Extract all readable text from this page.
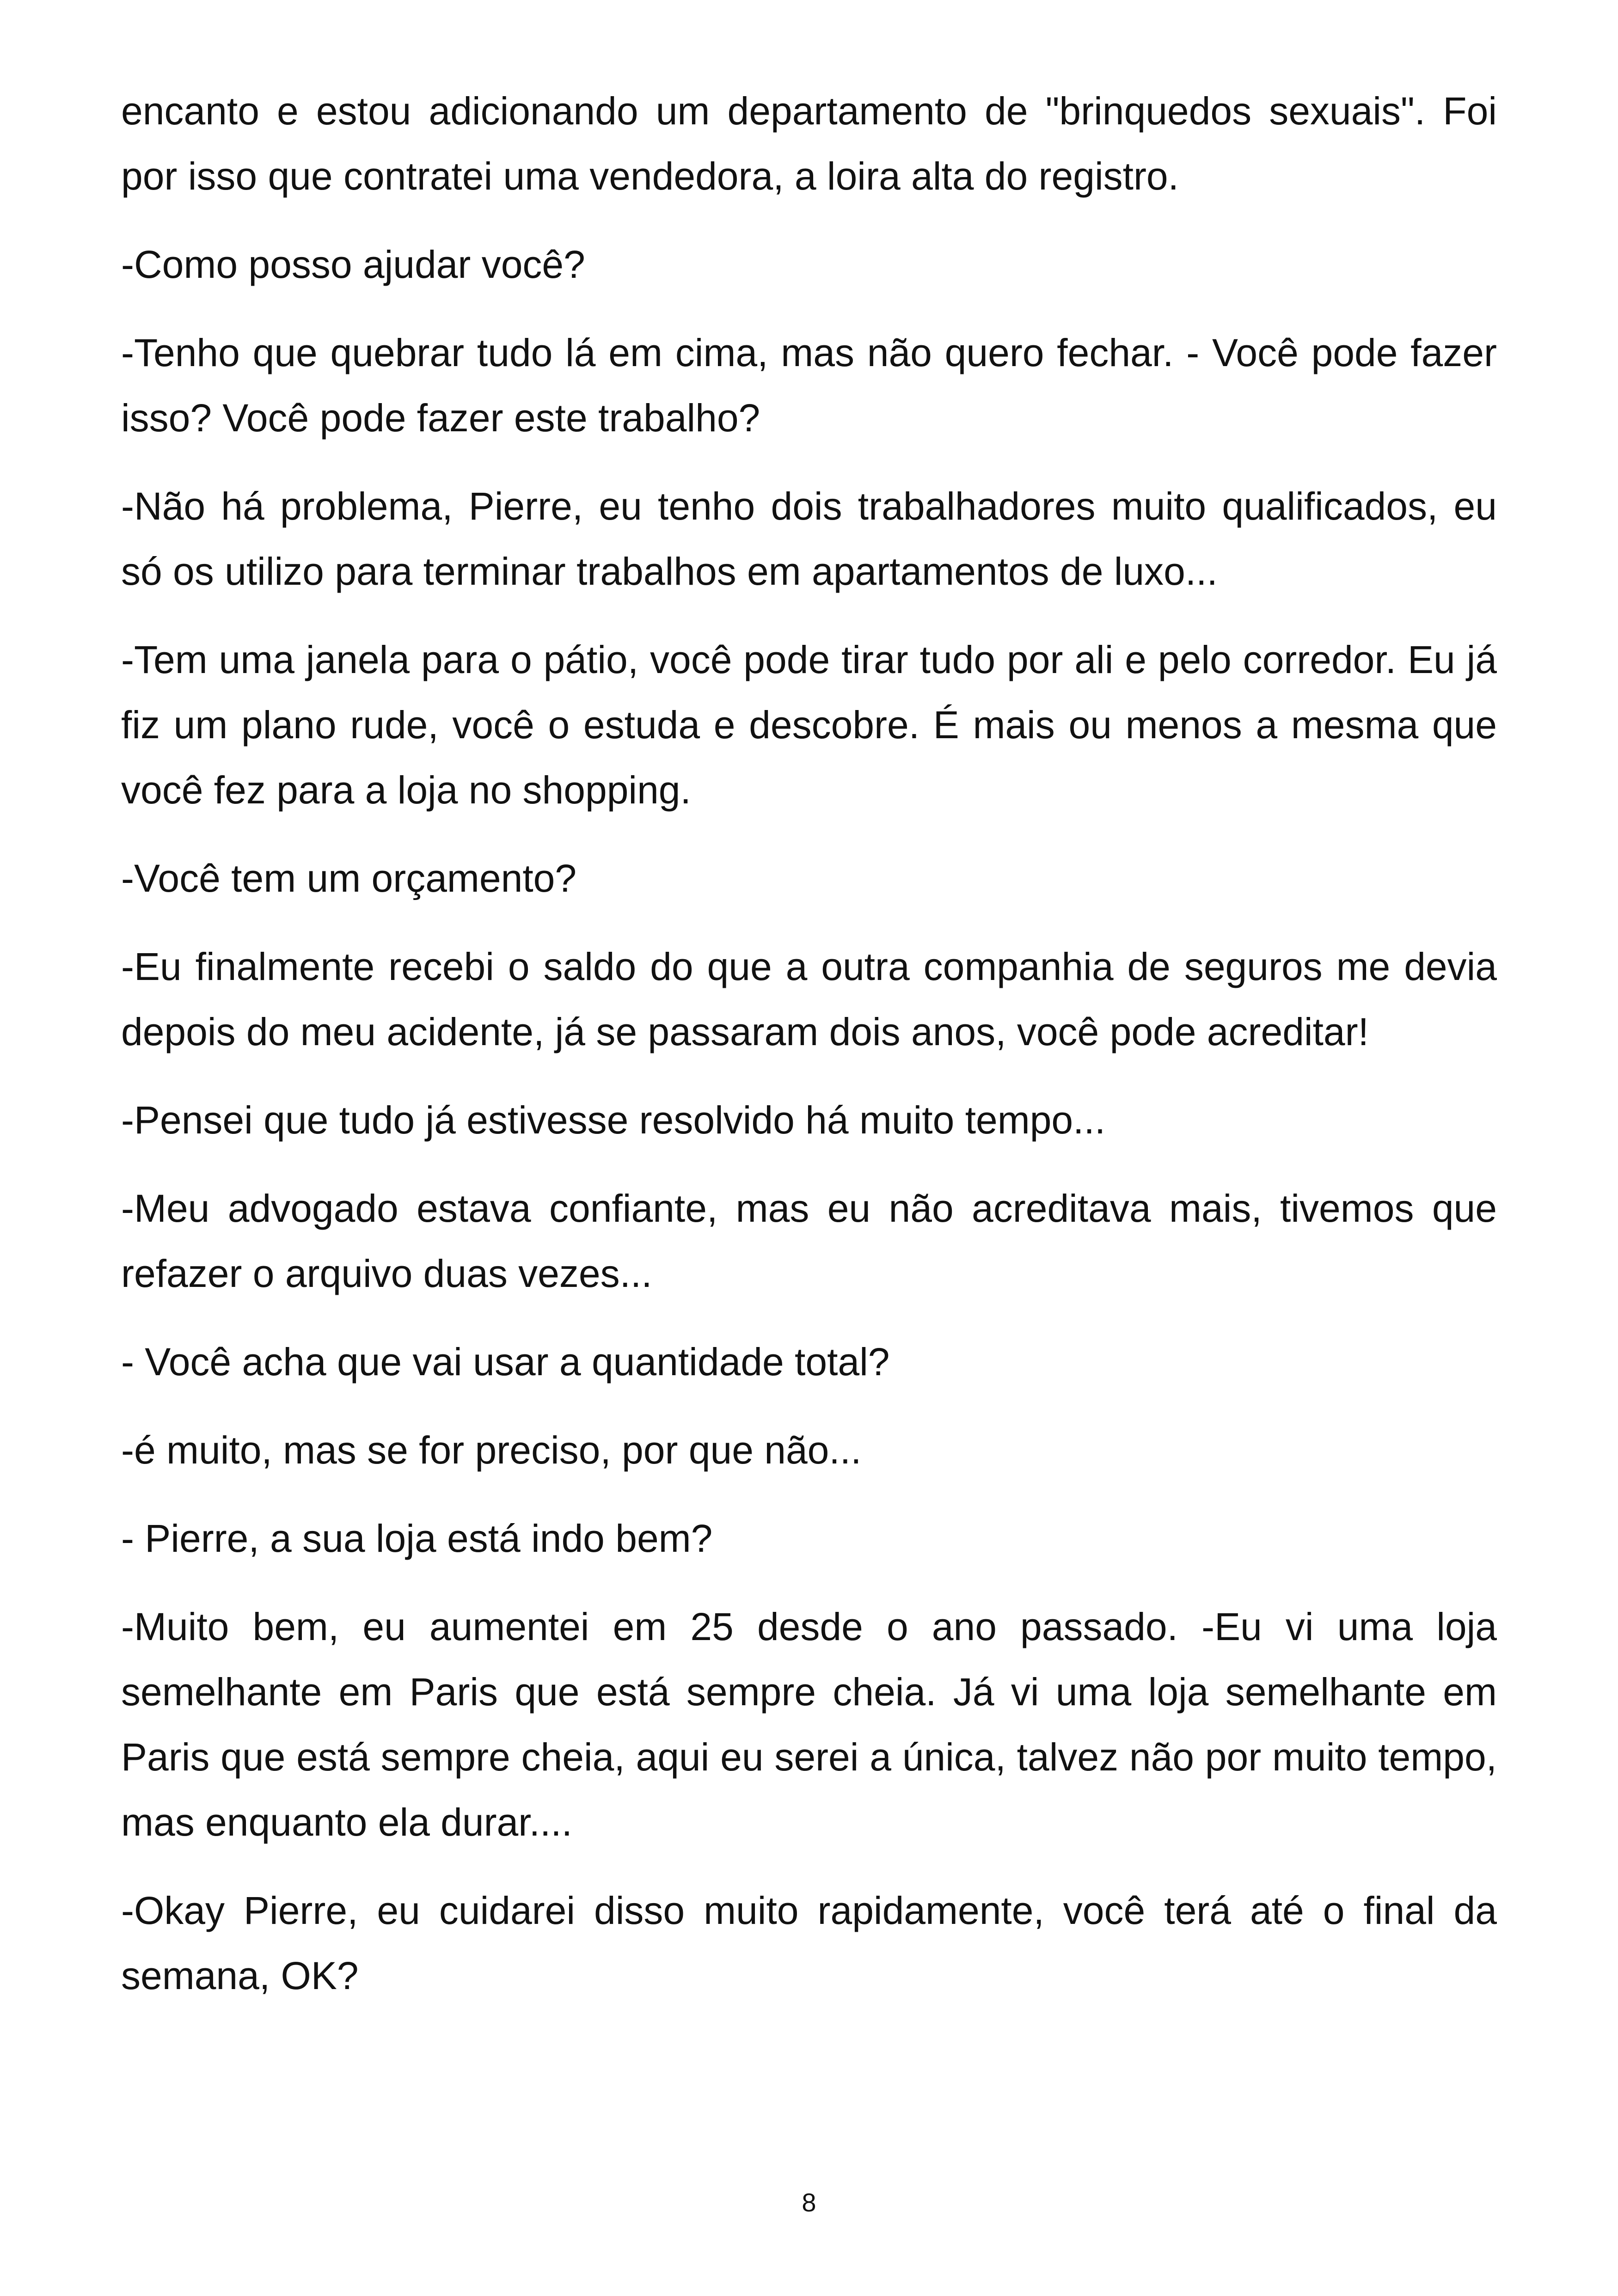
encanto e estou adicionando um departamento de "brinquedos sexuais". Foi por isso que contratei uma vendedora, a loira alta do registro.

-Como posso ajudar você?

-Tenho que quebrar tudo lá em cima, mas não quero fechar. - Você pode fazer isso? Você pode fazer este trabalho?

-Não há problema, Pierre, eu tenho dois trabalhadores muito qualificados, eu só os utilizo para terminar trabalhos em apartamentos de luxo...

-Tem uma janela para o pátio, você pode tirar tudo por ali e pelo corredor. Eu já fiz um plano rude, você o estuda e descobre. É mais ou menos a mesma que você fez para a loja no shopping.

-Você tem um orçamento?

-Eu finalmente recebi o saldo do que a outra companhia de seguros me devia depois do meu acidente, já se passaram dois anos, você pode acreditar!

-Pensei que tudo já estivesse resolvido há muito tempo...

-Meu advogado estava confiante, mas eu não acreditava mais, tivemos que refazer o arquivo duas vezes...

- Você acha que vai usar a quantidade total?

-é muito, mas se for preciso, por que não...

- Pierre, a sua loja está indo bem?

-Muito bem, eu aumentei em 25 desde o ano passado. -Eu vi uma loja semelhante em Paris que está sempre cheia. Já vi uma loja semelhante em Paris que está sempre cheia, aqui eu serei a única, talvez não por muito tempo, mas enquanto ela durar....

-Okay Pierre, eu cuidarei disso muito rapidamente, você terá até o final da semana, OK?

8
